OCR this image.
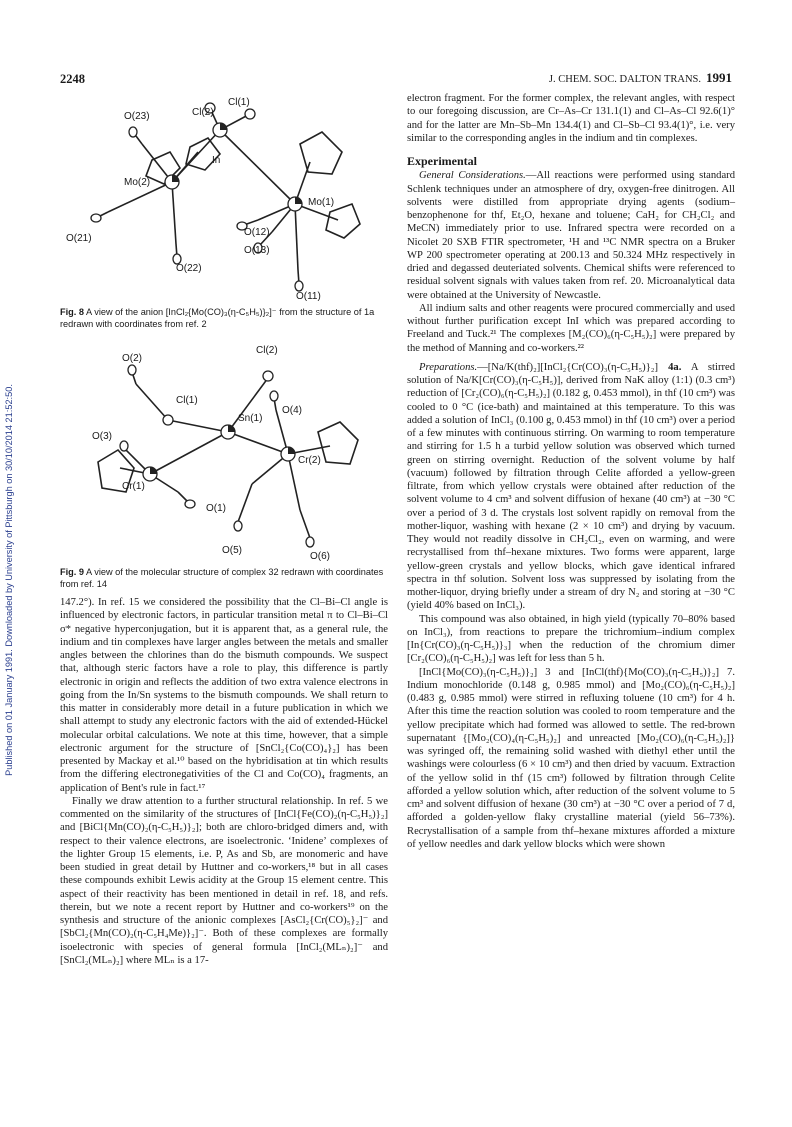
Published on 01 January 1991. Downloaded by University of Pittsburgh on 30/10/2014 21:52:50.
2248	J. CHEM. SOC. DALTON TRANS. 1991
Cl(1)
O(23)	Cl(2)
In
Mo(2)
Mo(1)
O(12)
O(21)
O(13)
O(22)
O(11)

Fig. 8 A view of the anion [InCl₂{Mo(CO)₃(η-C₅H₅)}₂]⁻ from the structure of 1a redrawn with coordinates from ref. 2

Cl(2)
O(2)
Cl(1)
Sn(1)
O(4)
O(3)
Cr(2)
Cr(1)
O(1)
O(5)
O(6)

Fig. 9 A view of the molecular structure of complex 32 redrawn with coordinates from ref. 14

147.2°). In ref. 15 we considered the possibility that the Cl–Bi–Cl angle is influenced by electronic factors, in particular transition metal π to Cl–Bi–Cl σ* negative hyperconjugation, but it is apparent that, as a general rule, the indium and tin complexes have larger angles between the metals and smaller angles between the chlorines than do the bismuth compounds. We suspect that, although steric factors have a role to play, this difference is partly electronic in origin and reflects the addition of two extra valence electrons in going from the In/Sn systems to the bismuth compounds. We shall return to this matter in considerably more detail in a future publication in which we shall attempt to study any electronic factors with the aid of extended-Hückel molecular orbital calculations. We note at this time, however, that a simple electronic argument for the structure of [SnCl₂{Co(CO)₄}₂] has been presented by Mackay et al.¹⁰ based on the hybridisation at tin which results from the differing electronegativities of the Cl and Co(CO)₄ fragments, an application of Bent's rule in fact.¹⁷

Finally we draw attention to a further structural relationship. In ref. 5 we commented on the similarity of the structures of [InCl{Fe(CO)₂(η-C₅H₅)}₂] and [BiCl{Mn(CO)₂(η-C₅H₅)}₂]; both are chloro-bridged dimers and, with respect to their valence electrons, are isoelectronic. ‘Inidene’ complexes of the lighter Group 15 elements, i.e. P, As and Sb, are monomeric and have been studied in great detail by Huttner and co-workers,¹⁸ but in all cases these compounds exhibit Lewis acidity at the Group 15 element centre. This aspect of their reactivity has been mentioned in detail in ref. 18, and refs. therein, but we note a recent report by Huttner and co-workers¹⁹ on the synthesis and structure of the anionic complexes [AsCl₂{Cr(CO)₅}₂]⁻ and [SbCl₂{Mn(CO)₂(η-C₅H₄Me)}₂]⁻. Both of these complexes are formally isoelectronic with species of general formula [InCl₂(MLₙ)₂]⁻ and [SnCl₂(MLₙ)₂] where MLₙ is a 17-

electron fragment. For the former complex, the relevant angles, with respect to our foregoing discussion, are Cr–As–Cr 131.1(1) and Cl–As–Cl 92.6(1)° and for the latter are Mn–Sb–Mn 134.4(1) and Cl–Sb–Cl 93.4(1)°, i.e. very similar to the corresponding angles in the indium and tin complexes.

Experimental

General Considerations.—All reactions were performed using standard Schlenk techniques under an atmosphere of dry, oxygen-free dinitrogen. All solvents were distilled from appropriate drying agents (sodium–benzophenone for thf, Et₂O, hexane and toluene; CaH₂ for CH₂Cl₂ and MeCN) immediately prior to use. Infrared spectra were recorded on a Nicolet 20 SXB FTIR spectrometer, ¹H and ¹³C NMR spectra on a Bruker WP 200 spectrometer operating at 200.13 and 50.324 MHz respectively in dried and degassed deuteriated solvents. Chemical shifts were referenced to residual solvent signals with values taken from ref. 20. Microanalytical data were obtained at the University of Newcastle.

All indium salts and other reagents were procured commercially and used without further purification except InI which was prepared according to Freeland and Tuck.²¹ The complexes [M₂(CO)₆(η-C₅H₅)₂] were prepared by the method of Manning and co-workers.²²

Preparations.—[Na/K(thf)₂][InCl₂{Cr(CO)₃(η-C₅H₅)}₂] 4a. A stirred solution of Na/K[Cr(CO)₃(η-C₅H₅)], derived from NaK alloy (1:1) (0.3 cm³) reduction of [Cr₂(CO)₆(η-C₅H₅)₂] (0.182 g, 0.453 mmol), in thf (10 cm³) was cooled to 0 °C (ice-bath) and maintained at this temperature. To this was added a solution of InCl₃ (0.100 g, 0.453 mmol) in thf (10 cm³) over a period of a few minutes with continuous stirring. On warming to room temperature and stirring for 1.5 h a turbid yellow solution was observed which turned green on stirring overnight. Reduction of the solvent volume by half (vacuum) followed by filtration through Celite afforded a yellow-green filtrate, from which yellow crystals were obtained after reduction of the solvent volume to 4 cm³ and solvent diffusion of hexane (40 cm³) at −30 °C over a period of 3 d. The crystals lost solvent rapidly on removal from the mother-liquor, washing with hexane (2 × 10 cm³) and drying by vacuum. They would not readily dissolve in CH₂Cl₂, even on warming, and were recrystallised from thf–hexane mixtures. Two forms were apparent, large yellow-green crystals and yellow blocks, which gave identical infrared spectra in thf solution. Solvent loss was suppressed by isolating from the mother-liquor, drying briefly under a stream of dry N₂ and storing at −30 °C (yield 40% based on InCl₃).

This compound was also obtained, in high yield (typically 70–80% based on InCl₃), from reactions to prepare the trichromium–indium complex [In{Cr(CO)₃(η-C₅H₅)}₃] when the reduction of the chromium dimer [Cr₂(CO)₆(η-C₅H₅)₂] was left for less than 5 h.

[InCl{Mo(CO)₃(η-C₅H₅)}₂] 3 and [InCl(thf){Mo(CO)₃(η-C₅H₅)}₂] 7. Indium monochloride (0.148 g, 0.985 mmol) and [Mo₂(CO)₆(η-C₅H₅)₂] (0.483 g, 0.985 mmol) were stirred in refluxing toluene (10 cm³) for 4 h. After this time the reaction solution was cooled to room temperature and the yellow precipitate which had formed was allowed to settle. The red-brown supernatant {[Mo₂(CO)₄(η-C₅H₅)₂] and unreacted [Mo₂(CO)₆(η-C₅H₅)₂]} was syringed off, the remaining solid washed with diethyl ether until the washings were colourless (6 × 10 cm³) and then dried by vacuum. Extraction of the yellow solid in thf (15 cm³) followed by filtration through Celite afforded a yellow solution which, after reduction of the solvent volume to 5 cm³ and solvent diffusion of hexane (30 cm³) at −30 °C over a period of 7 d, afforded a golden-yellow flaky crystalline material (yield 56–73%). Recrystallisation of a sample from thf–hexane mixtures afforded a mixture of yellow needles and dark yellow blocks which were shown
